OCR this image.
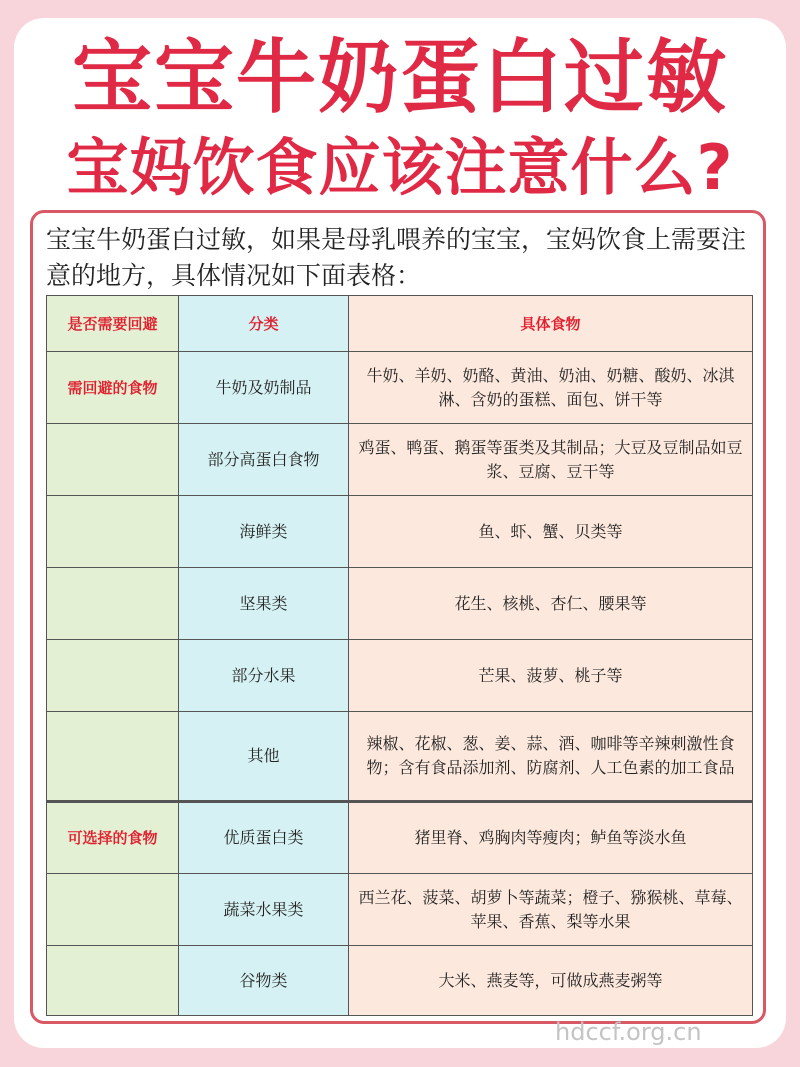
宝宝牛奶蛋白过敏
宝妈饮食应该注意什么?
宝宝牛奶蛋白过敏，如果是母乳喂养的宝宝，宝妈饮食上需要注意的地方，具体情况如下面表格：
是否需要回避	分类	具体食物
需回避的食物	牛奶及奶制品	牛奶、羊奶、奶酪、黄油、奶油、奶糖、酸奶、冰淇淋、含奶的蛋糕、面包、饼干等
	部分高蛋白食物	鸡蛋、鸭蛋、鹅蛋等蛋类及其制品；大豆及豆制品如豆浆、豆腐、豆干等
	海鲜类	鱼、虾、蟹、贝类等
	坚果类	花生、核桃、杏仁、腰果等
	部分水果	芒果、菠萝、桃子等
	其他	辣椒、花椒、葱、姜、蒜、酒、咖啡等辛辣刺激性食物；含有食品添加剂、防腐剂、人工色素的加工食品
可选择的食物	优质蛋白类	猪里脊、鸡胸肉等瘦肉；鲈鱼等淡水鱼
	蔬菜水果类	西兰花、菠菜、胡萝卜等蔬菜；橙子、猕猴桃、草莓、苹果、香蕉、梨等水果
	谷物类	大米、燕麦等，可做成燕麦粥等
hdccf.org.cn
